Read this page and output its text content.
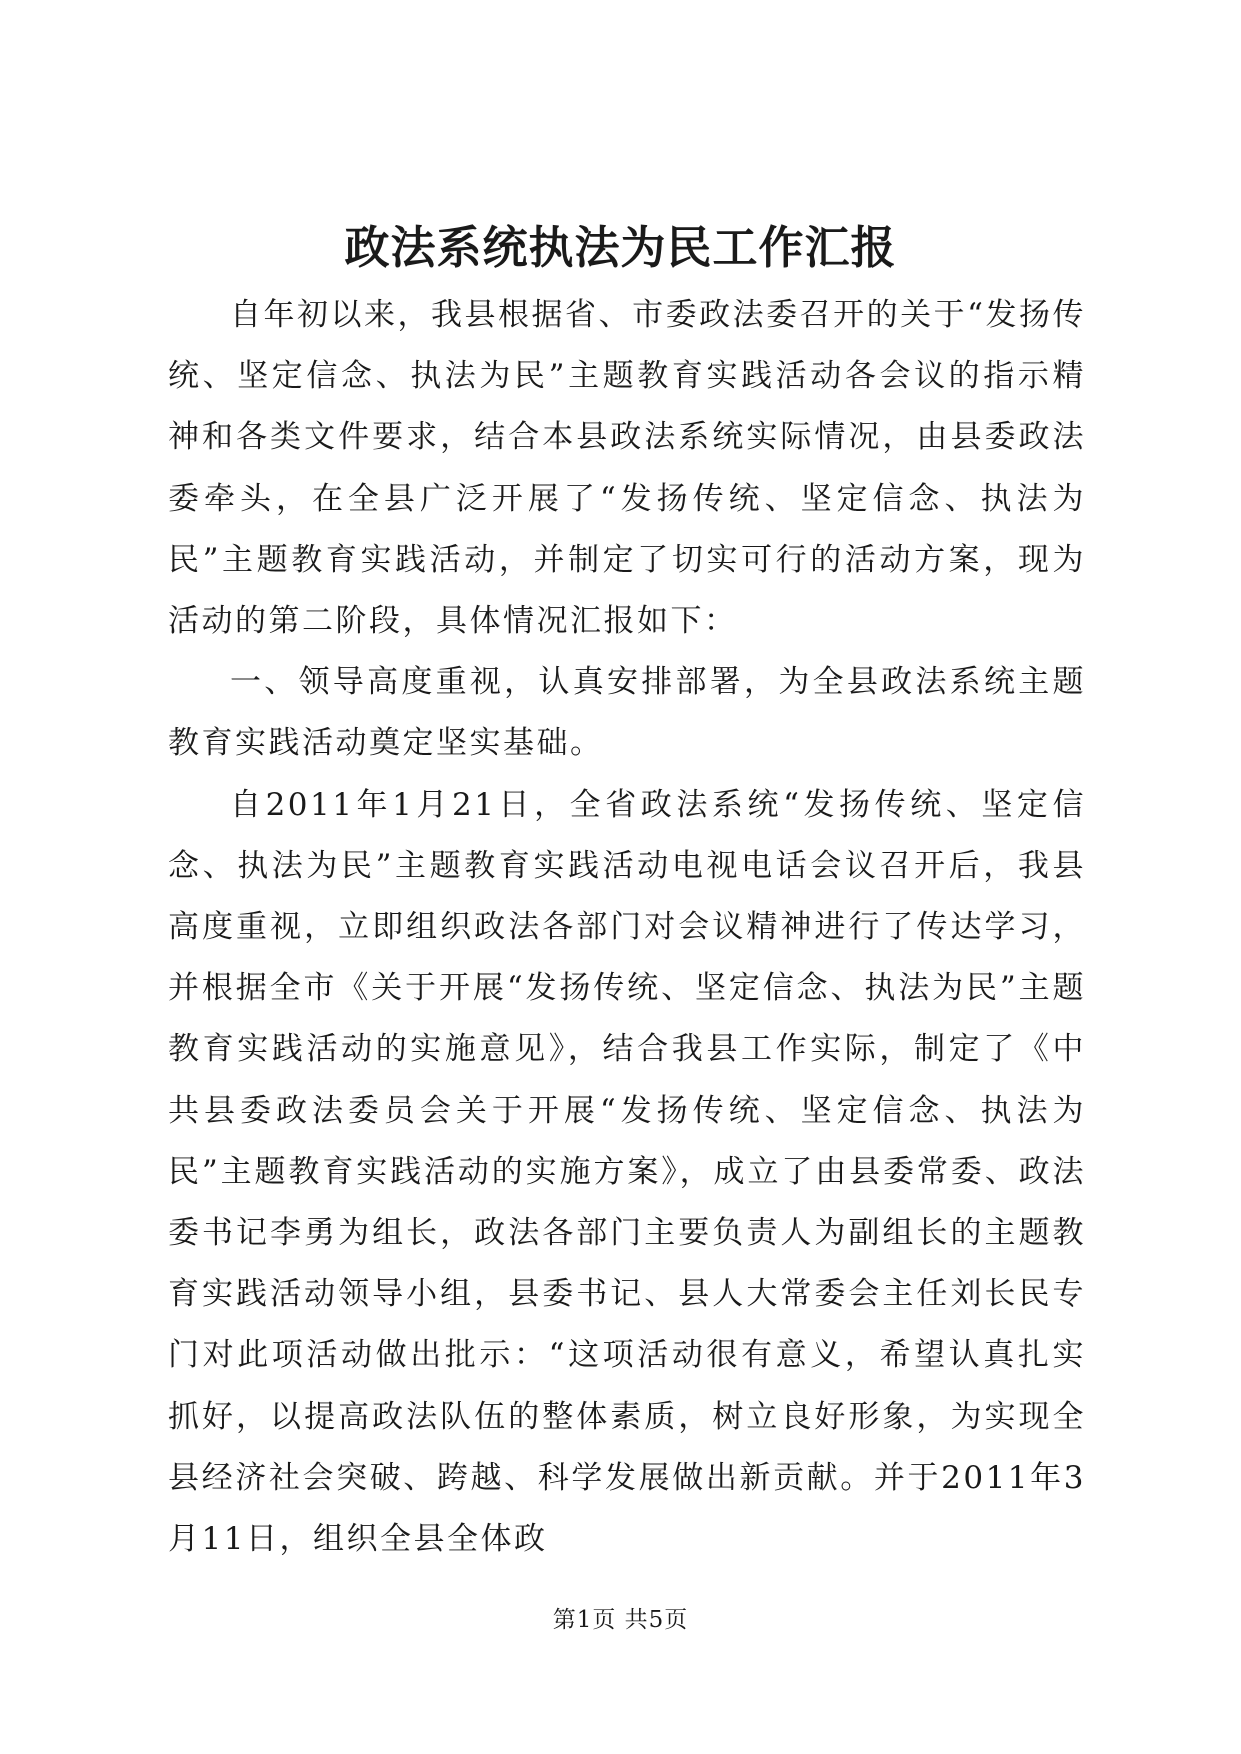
政法系统执法为民工作汇报

自年初以来，我县根据省、市委政法委召开的关于“发扬传统、坚定信念、执法为民”主题教育实践活动各会议的指示精神和各类文件要求，结合本县政法系统实际情况，由县委政法委牵头，在全县广泛开展了“发扬传统、坚定信念、执法为民”主题教育实践活动，并制定了切实可行的活动方案，现为活动的第二阶段，具体情况汇报如下：

一、领导高度重视，认真安排部署，为全县政法系统主题教育实践活动奠定坚实基础。

自2011年1月21日，全省政法系统“发扬传统、坚定信念、执法为民”主题教育实践活动电视电话会议召开后，我县高度重视，立即组织政法各部门对会议精神进行了传达学习，并根据全市《关于开展“发扬传统、坚定信念、执法为民”主题教育实践活动的实施意见》，结合我县工作实际，制定了《中共县委政法委员会关于开展“发扬传统、坚定信念、执法为民”主题教育实践活动的实施方案》，成立了由县委常委、政法委书记李勇为组长，政法各部门主要负责人为副组长的主题教育实践活动领导小组，县委书记、县人大常委会主任刘长民专门对此项活动做出批示：“这项活动很有意义，希望认真扎实抓好，以提高政法队伍的整体素质，树立良好形象，为实现全县经济社会突破、跨越、科学发展做出新贡献。并于2011年3月11日，组织全县全体政

第1页 共5页
